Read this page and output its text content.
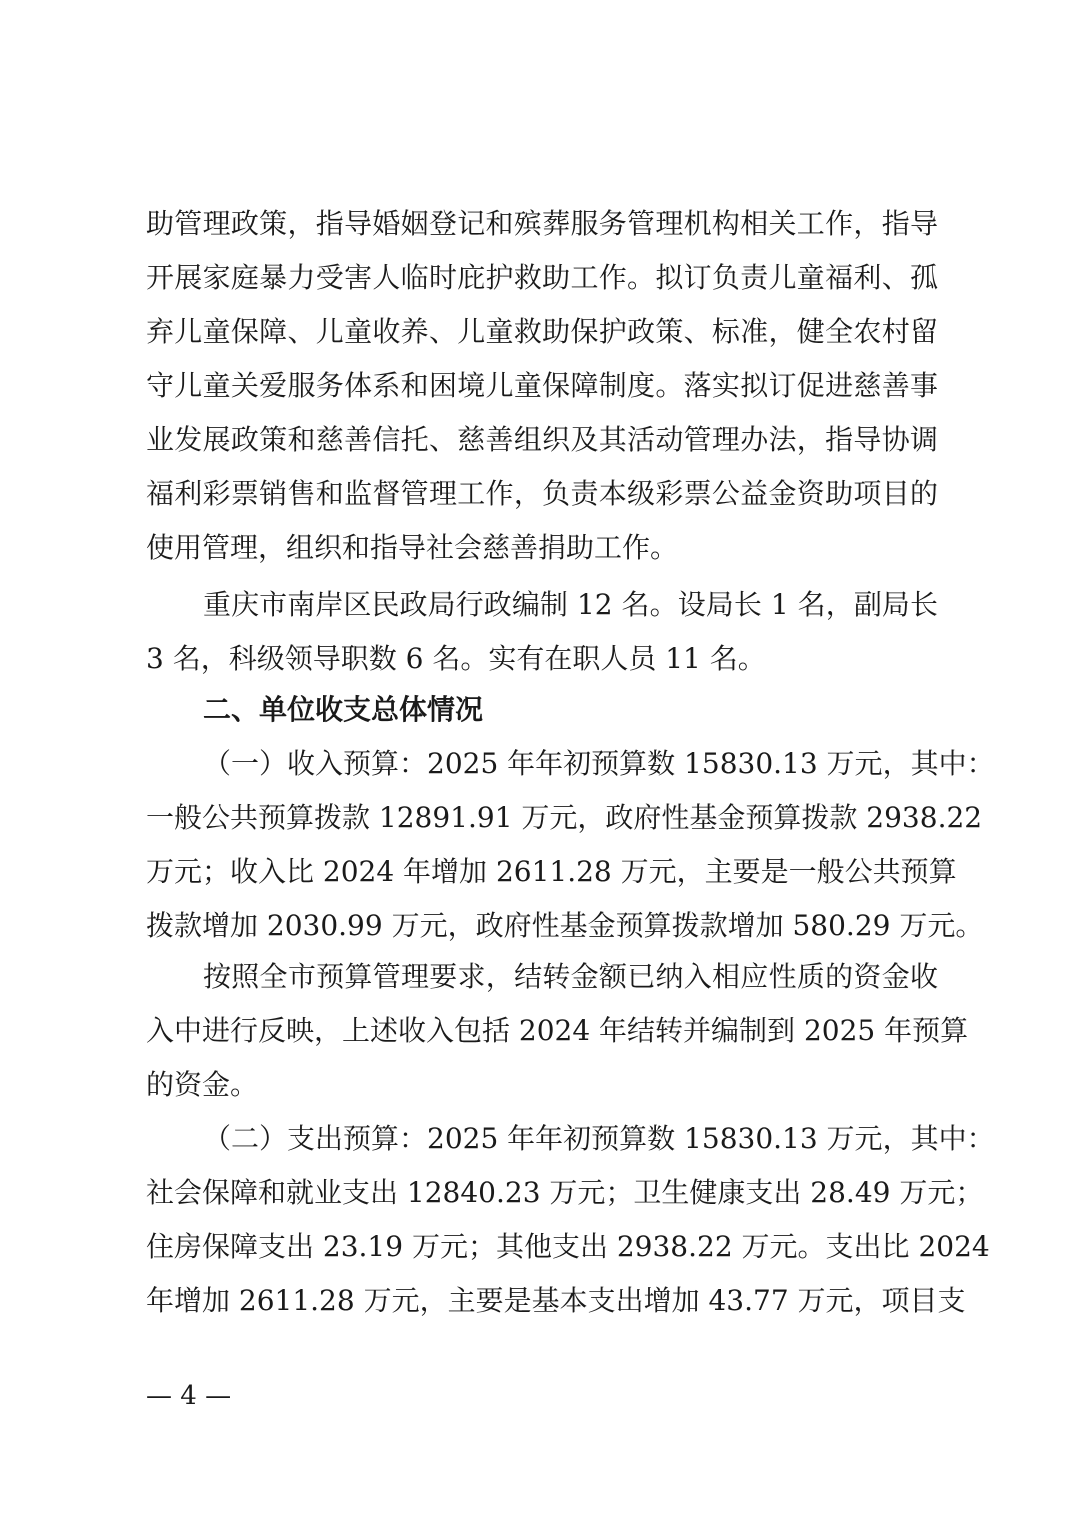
助管理政策，指导婚姻登记和殡葬服务管理机构相关工作，指导
开展家庭暴力受害人临时庇护救助工作。拟订负责儿童福利、孤
弃儿童保障、儿童收养、儿童救助保护政策、标准，健全农村留
守儿童关爱服务体系和困境儿童保障制度。落实拟订促进慈善事
业发展政策和慈善信托、慈善组织及其活动管理办法，指导协调
福利彩票销售和监督管理工作，负责本级彩票公益金资助项目的
使用管理，组织和指导社会慈善捐助工作。
重庆市南岸区民政局行政编制 12 名。设局长 1 名，副局长
3 名，科级领导职数 6 名。实有在职人员 11 名。
二、单位收支总体情况
（一）收入预算：2025 年年初预算数 15830.13 万元，其中：
一般公共预算拨款 12891.91 万元，政府性基金预算拨款 2938.22
万元；收入比 2024 年增加 2611.28 万元，主要是一般公共预算
拨款增加 2030.99 万元，政府性基金预算拨款增加 580.29 万元。
按照全市预算管理要求，结转金额已纳入相应性质的资金收
入中进行反映，上述收入包括 2024 年结转并编制到 2025 年预算
的资金。
（二）支出预算：2025 年年初预算数 15830.13 万元，其中：
社会保障和就业支出 12840.23 万元；卫生健康支出 28.49 万元；
住房保障支出 23.19 万元；其他支出 2938.22 万元。支出比 2024
年增加 2611.28 万元，主要是基本支出增加 43.77 万元，项目支
— 4 —
